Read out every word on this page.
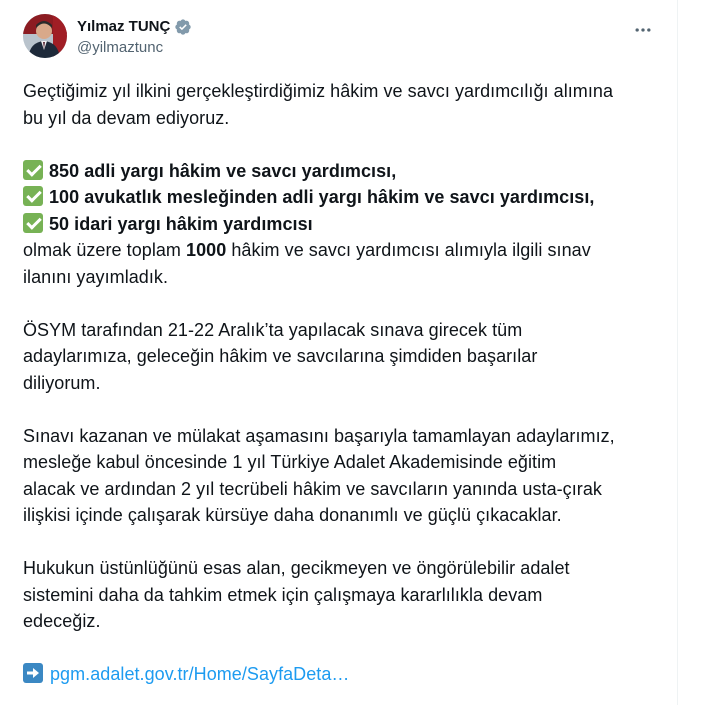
Yılmaz TUNÇ
@yilmaztunc
Geçtiğimiz yıl ilkini gerçekleştirdiğimiz hâkim ve savcı yardımcılığı alımına
bu yıl da devam ediyoruz.
850 adli yargı hâkim ve savcı yardımcısı,
100 avukatlık mesleğinden adli yargı hâkim ve savcı yardımcısı,
50 idari yargı hâkim yardımcısı
olmak üzere toplam 1000 hâkim ve savcı yardımcısı alımıyla ilgili sınav
ilanını yayımladık.
ÖSYM tarafından 21-22 Aralık’ta yapılacak sınava girecek tüm
adaylarımıza, geleceğin hâkim ve savcılarına şimdiden başarılar
diliyorum.
Sınavı kazanan ve mülakat aşamasını başarıyla tamamlayan adaylarımız,
mesleğe kabul öncesinde 1 yıl Türkiye Adalet Akademisinde eğitim
alacak ve ardından 2 yıl tecrübeli hâkim ve savcıların yanında usta-çırak
ilişkisi içinde çalışarak kürsüye daha donanımlı ve güçlü çıkacaklar.
Hukukun üstünlüğünü esas alan, gecikmeyen ve öngörülebilir adalet
sistemini daha da tahkim etmek için çalışmaya kararlılıkla devam
edeceğiz.
pgm.adalet.gov.tr/Home/SayfaDeta…
